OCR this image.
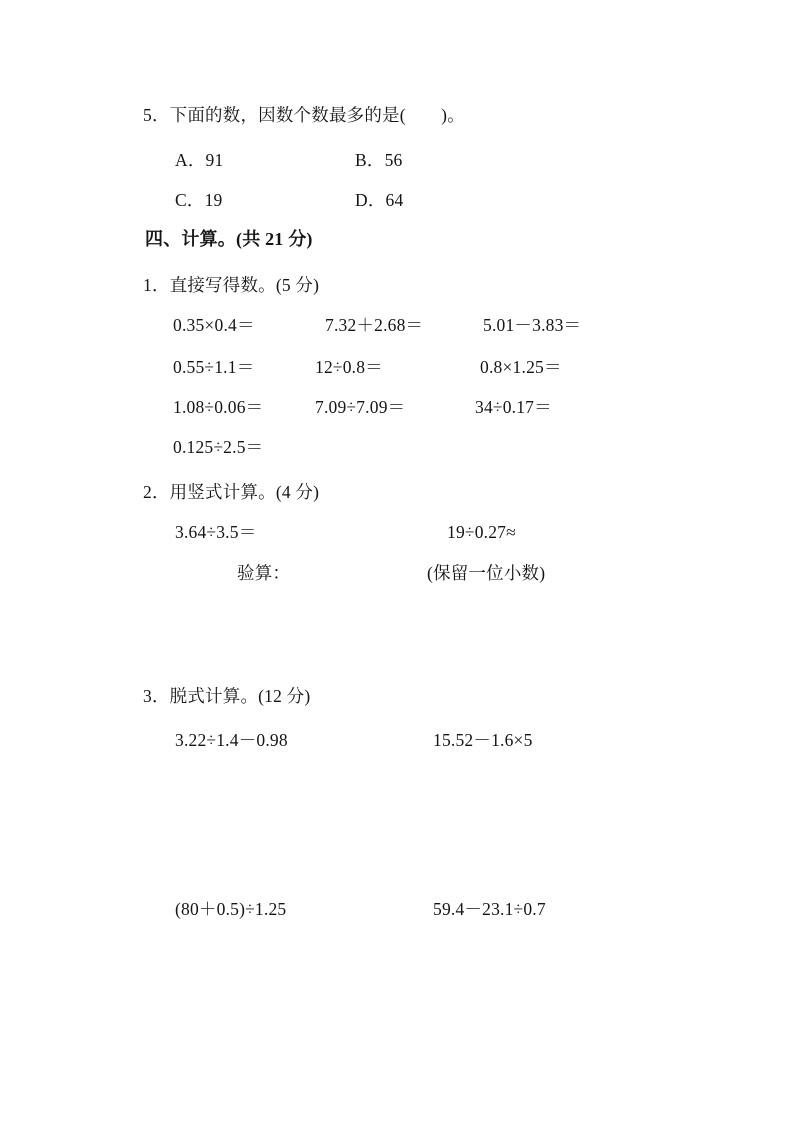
5．下面的数，因数个数最多的是(　　)。
A．91	B．56
C．19	D．64
四、计算。(共 21 分)
1．直接写得数。(5 分)
0.35×0.4＝	7.32＋2.68＝	5.01－3.83＝
0.55÷1.1＝	12÷0.8＝	0.8×1.25＝
1.08÷0.06＝	7.09÷7.09＝	34÷0.17＝
0.125÷2.5＝
2．用竖式计算。(4 分)
3.64÷3.5＝	19÷0.27≈
验算：	(保留一位小数)
3．脱式计算。(12 分)
3.22÷1.4－0.98	15.52－1.6×5
(80＋0.5)÷1.25	59.4－23.1÷0.7
